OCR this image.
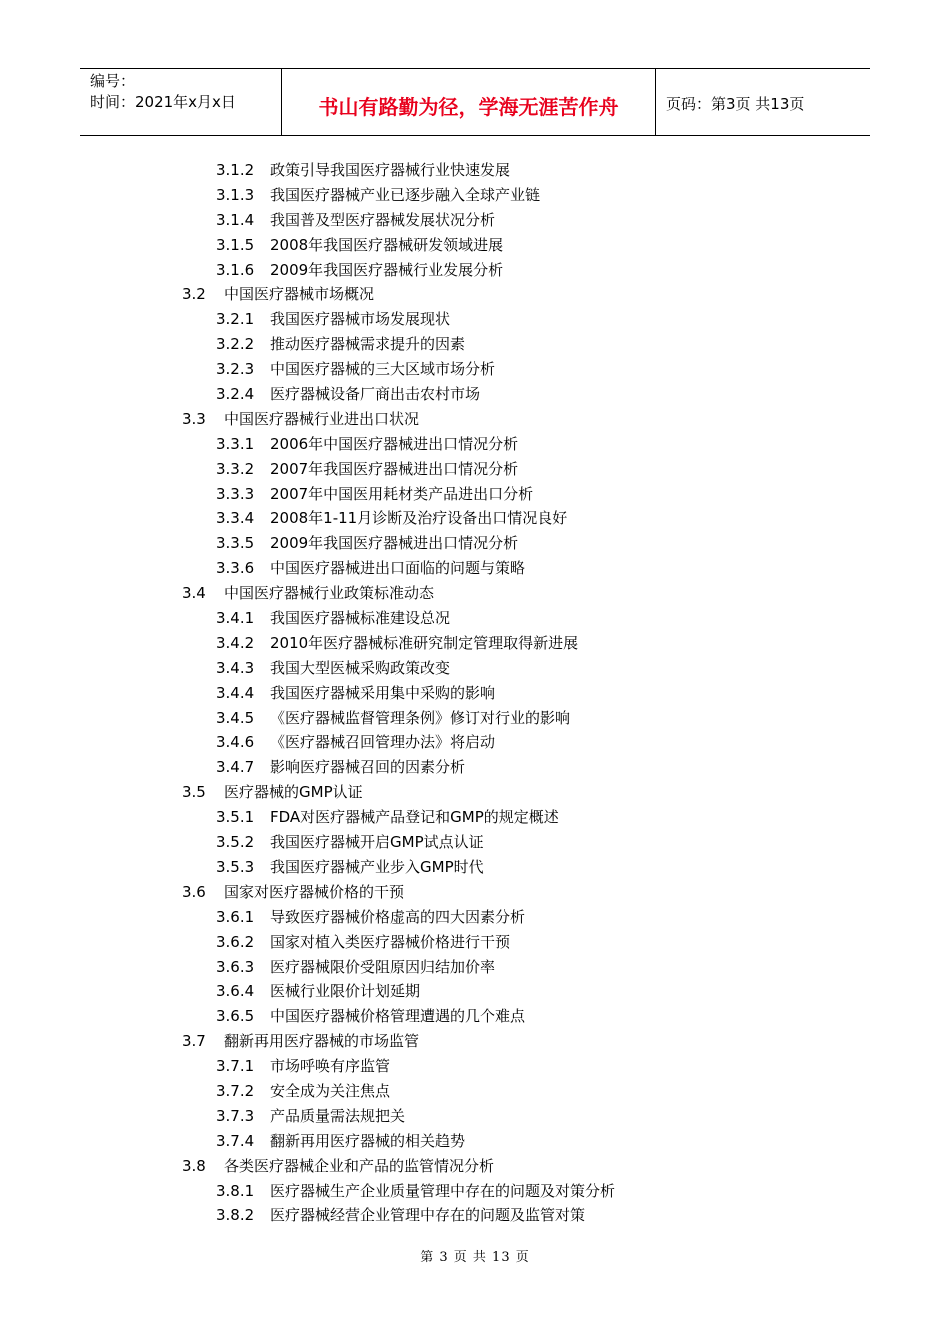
编号：
时间：2021年x月x日	书山有路勤为径，学海无涯苦作舟	页码：第3页 共13页
3.1.2 政策引导我国医疗器械行业快速发展
3.1.3 我国医疗器械产业已逐步融入全球产业链
3.1.4 我国普及型医疗器械发展状况分析
3.1.5 2008年我国医疗器械研发领域进展
3.1.6 2009年我国医疗器械行业发展分析
3.2 中国医疗器械市场概况
3.2.1 我国医疗器械市场发展现状
3.2.2 推动医疗器械需求提升的因素
3.2.3 中国医疗器械的三大区域市场分析
3.2.4 医疗器械设备厂商出击农村市场
3.3 中国医疗器械行业进出口状况
3.3.1 2006年中国医疗器械进出口情况分析
3.3.2 2007年我国医疗器械进出口情况分析
3.3.3 2007年中国医用耗材类产品进出口分析
3.3.4 2008年1-11月诊断及治疗设备出口情况良好
3.3.5 2009年我国医疗器械进出口情况分析
3.3.6 中国医疗器械进出口面临的问题与策略
3.4 中国医疗器械行业政策标准动态
3.4.1 我国医疗器械标准建设总况
3.4.2 2010年医疗器械标准研究制定管理取得新进展
3.4.3 我国大型医械采购政策改变
3.4.4 我国医疗器械采用集中采购的影响
3.4.5 《医疗器械监督管理条例》修订对行业的影响
3.4.6 《医疗器械召回管理办法》将启动
3.4.7 影响医疗器械召回的因素分析
3.5 医疗器械的GMP认证
3.5.1 FDA对医疗器械产品登记和GMP的规定概述
3.5.2 我国医疗器械开启GMP试点认证
3.5.3 我国医疗器械产业步入GMP时代
3.6 国家对医疗器械价格的干预
3.6.1 导致医疗器械价格虚高的四大因素分析
3.6.2 国家对植入类医疗器械价格进行干预
3.6.3 医疗器械限价受阻原因归结加价率
3.6.4 医械行业限价计划延期
3.6.5 中国医疗器械价格管理遭遇的几个难点
3.7 翻新再用医疗器械的市场监管
3.7.1 市场呼唤有序监管
3.7.2 安全成为关注焦点
3.7.3 产品质量需法规把关
3.7.4 翻新再用医疗器械的相关趋势
3.8 各类医疗器械企业和产品的监管情况分析
3.8.1 医疗器械生产企业质量管理中存在的问题及对策分析
3.8.2 医疗器械经营企业管理中存在的问题及监管对策
第 3 页 共 13 页
